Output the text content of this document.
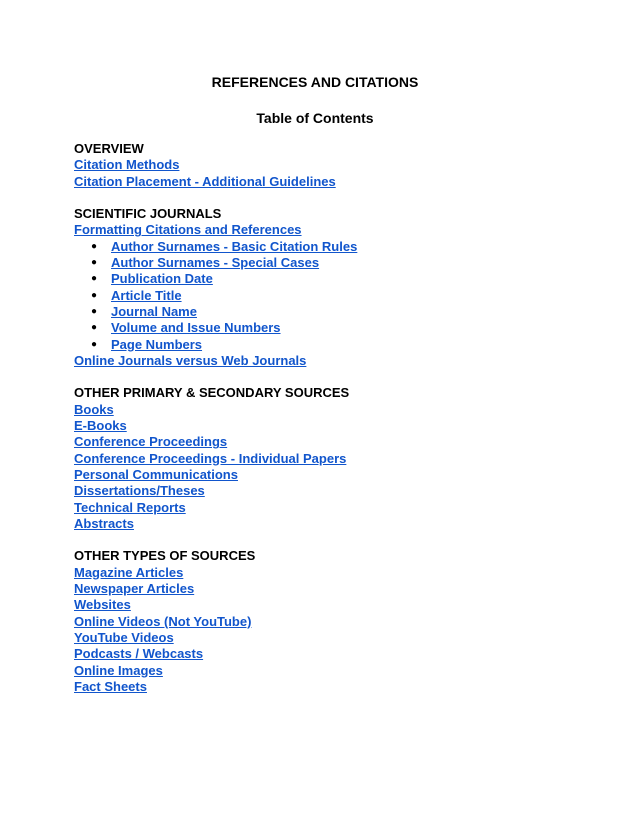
REFERENCES AND CITATIONS
Table of Contents
OVERVIEW
Citation Methods
Citation Placement - Additional Guidelines
SCIENTIFIC JOURNALS
Formatting Citations and References
● Author Surnames - Basic Citation Rules
● Author Surnames - Special Cases
● Publication Date
● Article Title
● Journal Name
● Volume and Issue Numbers
● Page Numbers
Online Journals versus Web Journals
OTHER PRIMARY & SECONDARY SOURCES
Books
E-Books
Conference Proceedings
Conference Proceedings - Individual Papers
Personal Communications
Dissertations/Theses
Technical Reports
Abstracts
OTHER TYPES OF SOURCES
Magazine Articles
Newspaper Articles
Websites
Online Videos (Not YouTube)
YouTube Videos
Podcasts / Webcasts
Online Images
Fact Sheets
